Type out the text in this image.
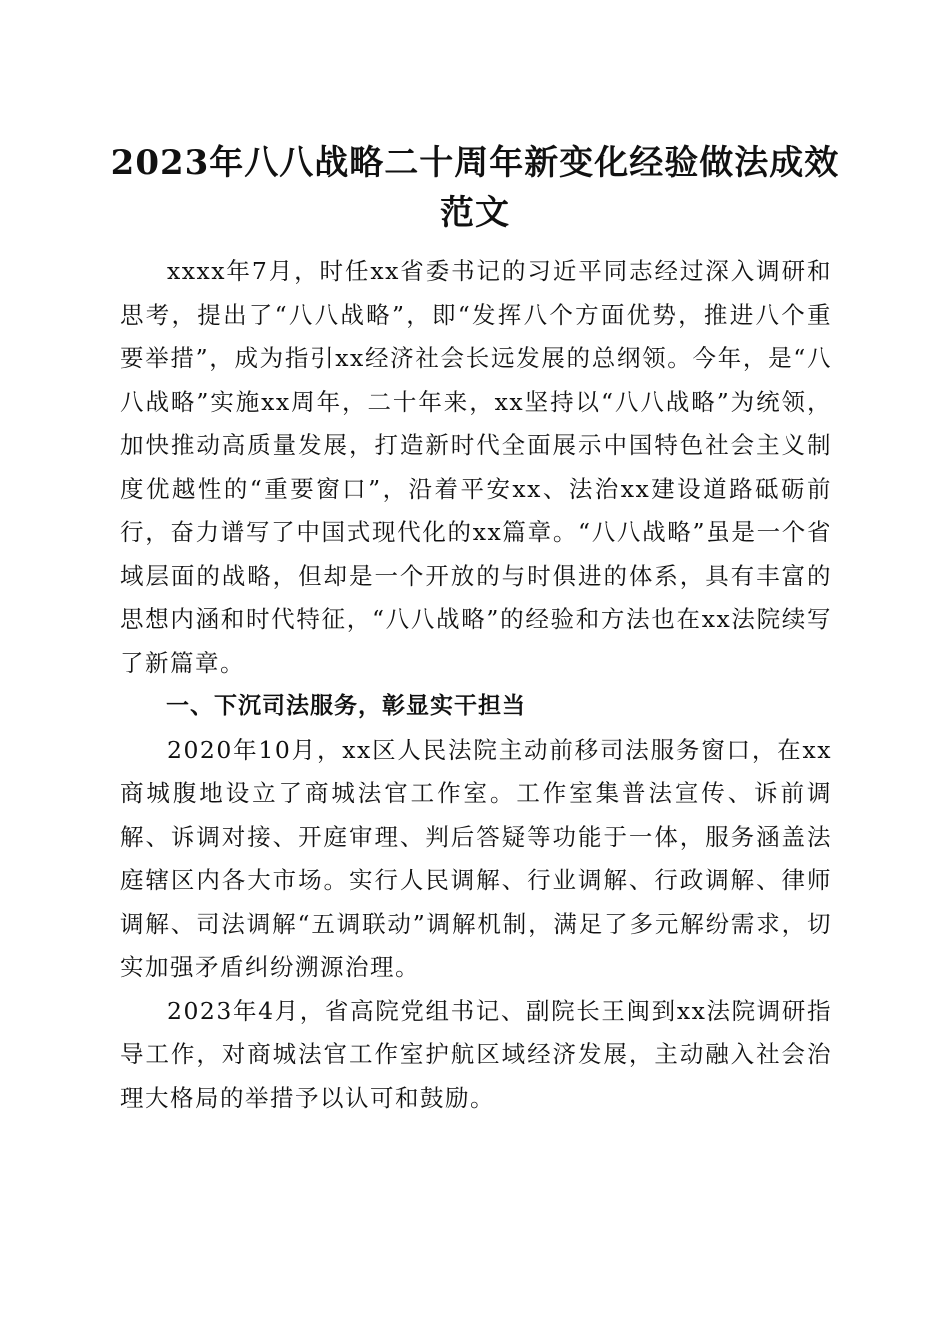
2023年八八战略二十周年新变化经验做法成效范文

xxxx年7月，时任xx省委书记的习近平同志经过深入调研和思考，提出了“八八战略”，即“发挥八个方面优势，推进八个重要举措”，成为指引xx经济社会长远发展的总纲领。今年，是“八八战略”实施xx周年，二十年来，xx坚持以“八八战略”为统领，加快推动高质量发展，打造新时代全面展示中国特色社会主义制度优越性的“重要窗口”，沿着平安xx、法治xx建设道路砥砺前行，奋力谱写了中国式现代化的xx篇章。“八八战略”虽是一个省域层面的战略，但却是一个开放的与时俱进的体系，具有丰富的思想内涵和时代特征，“八八战略”的经验和方法也在xx法院续写了新篇章。

一、下沉司法服务，彰显实干担当

2020年10月，xx区人民法院主动前移司法服务窗口，在xx商城腹地设立了商城法官工作室。工作室集普法宣传、诉前调解、诉调对接、开庭审理、判后答疑等功能于一体，服务涵盖法庭辖区内各大市场。实行人民调解、行业调解、行政调解、律师调解、司法调解“五调联动”调解机制，满足了多元解纷需求，切实加强矛盾纠纷溯源治理。

2023年4月，省高院党组书记、副院长王闽到xx法院调研指导工作，对商城法官工作室护航区域经济发展，主动融入社会治理大格局的举措予以认可和鼓励。
